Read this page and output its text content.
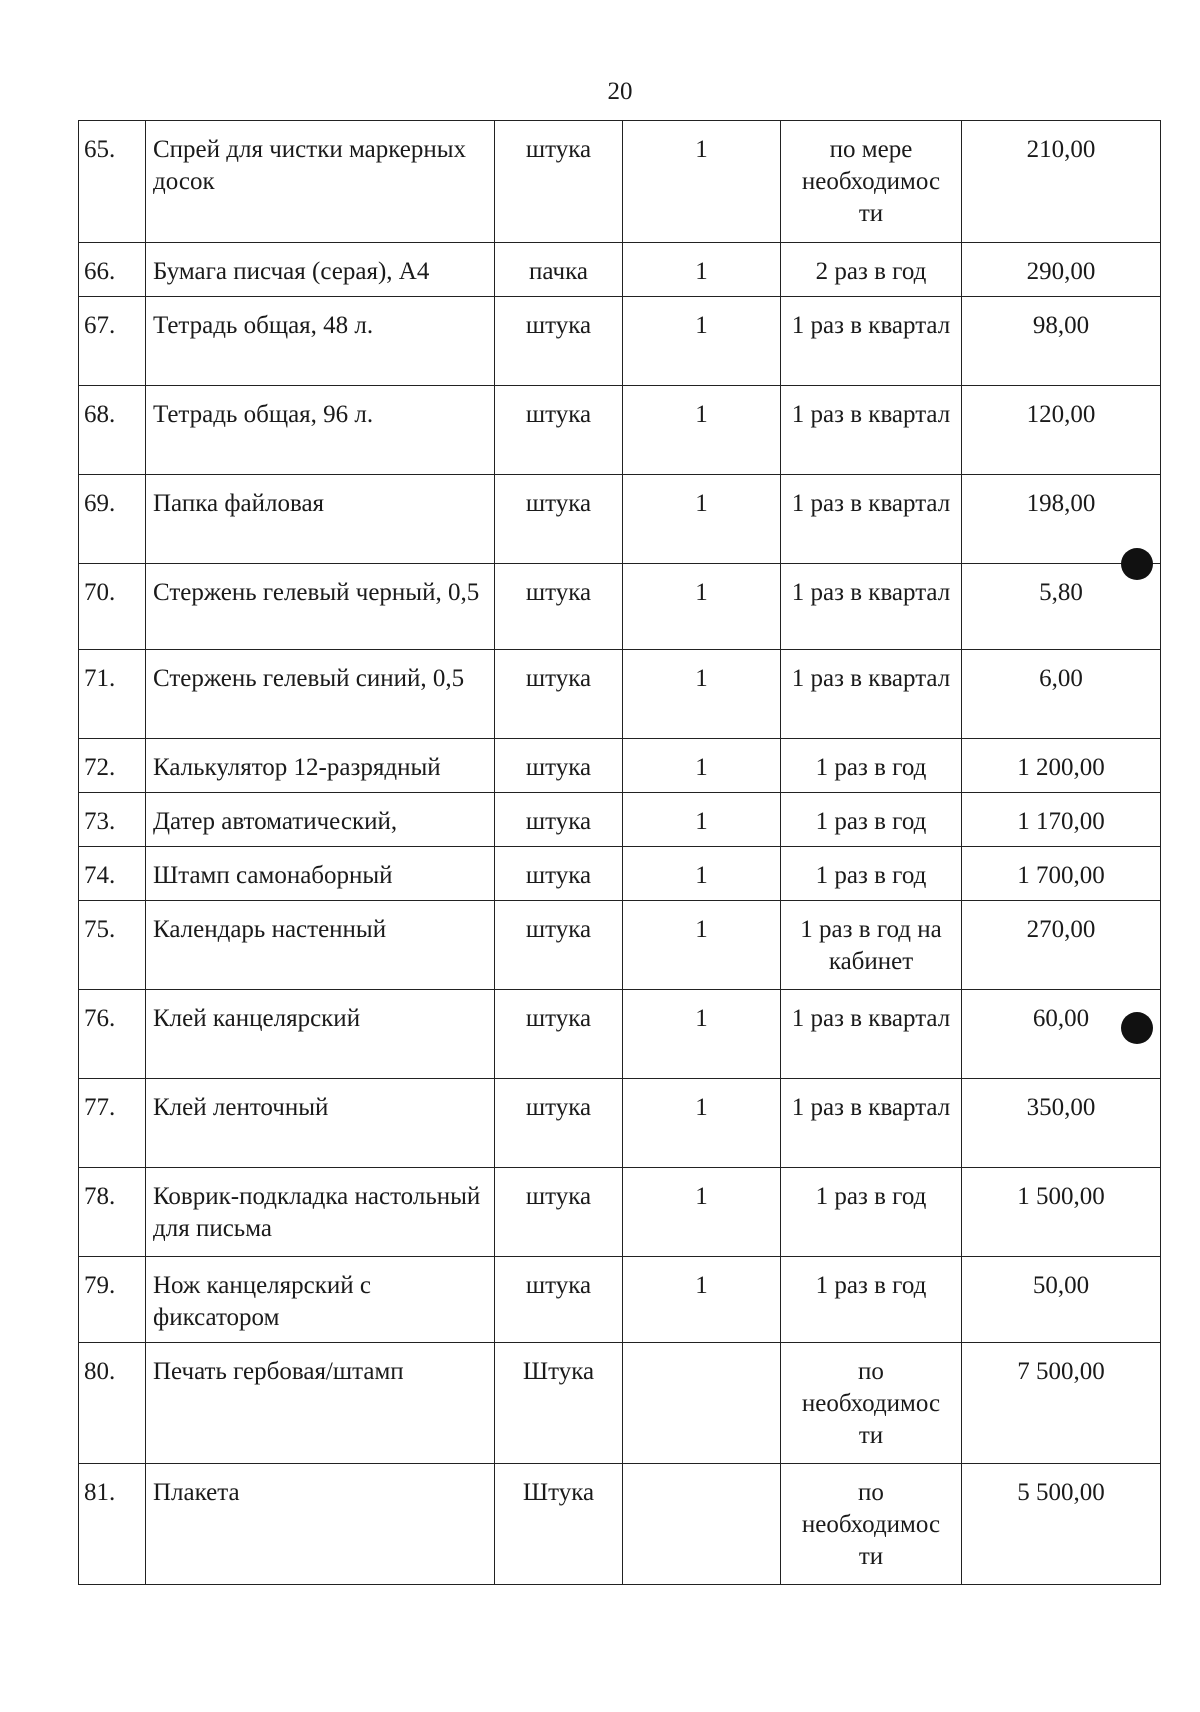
20
65.	Спрей для чистки маркерных досок	штука	1	по мере необходимос ти	210,00
66.	Бумага писчая (серая), А4	пачка	1	2 раз в год	290,00
67.	Тетрадь общая, 48 л.	штука	1	1 раз в квартал	98,00
68.	Тетрадь общая, 96 л.	штука	1	1 раз в квартал	120,00
69.	Папка файловая	штука	1	1 раз в квартал	198,00
70.	Стержень гелевый черный, 0,5	штука	1	1 раз в квартал	5,80
71.	Стержень гелевый синий, 0,5	штука	1	1 раз в квартал	6,00
72.	Калькулятор 12-разрядный	штука	1	1 раз в год	1 200,00
73.	Датер автоматический,	штука	1	1 раз в год	1 170,00
74.	Штамп самонаборный	штука	1	1 раз в год	1 700,00
75.	Календарь настенный	штука	1	1 раз в год на кабинет	270,00
76.	Клей канцелярский	штука	1	1 раз в квартал	60,00
77.	Клей ленточный	штука	1	1 раз в квартал	350,00
78.	Коврик-подкладка настольный для письма	штука	1	1 раз в год	1 500,00
79.	Нож канцелярский с фиксатором	штука	1	1 раз в год	50,00
80.	Печать гербовая/штамп	Штука		по необходимос ти	7 500,00
81.	Плакета	Штука		по необходимос ти	5 500,00
